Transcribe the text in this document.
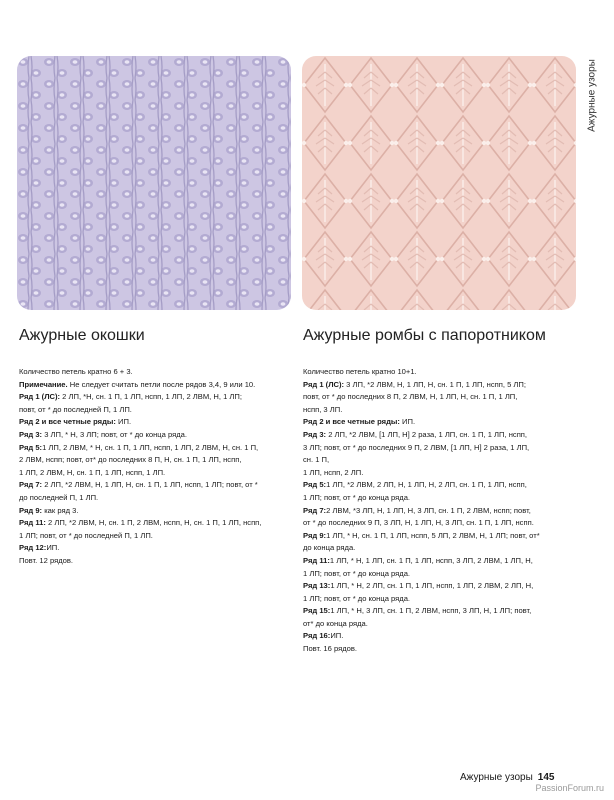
Ажурные узоры
Ажурные окошки

Количество петель кратно 6 + 3.

Примечание. Не следует считать петли после рядов 3,4, 9 или 10.

Ряд 1 (ЛС): 2 ЛП, *Н, сн. 1 П, 1 ЛП, нспп, 1 ЛП, 2 ЛВМ, Н, 1 ЛП;

повт, от * до последней П, 1 ЛП.

Ряд 2 и все четные ряды: ИП.

Ряд 3: 3 ЛП, * Н, 3 ЛП; повт, от * до конца ряда.

Ряд 5:1 ЛП, 2 ЛВМ, * Н, сн. 1 П, 1 ЛП, нспп, 1 ЛП, 2 ЛВМ, Н, сн. 1 П,

2 ЛВМ, нспп; повт, от* до последних 8 П, Н, сн. 1 П, 1 ЛП, нспп,

1 ЛП, 2 ЛВМ, Н, сн. 1 П, 1 ЛП, нспп, 1 ЛП.

Ряд 7: 2 ЛП, *2 ЛВМ, Н, 1 ЛП, Н, сн. 1 П, 1 ЛП, нспп, 1 ЛП; повт, от *

до последней П, 1 ЛП.

Ряд 9: как ряд 3.

Ряд 11: 2 ЛП, *2 ЛВМ, Н, сн. 1 П, 2 ЛВМ, нспп, Н, сн. 1 П, 1 ЛП, нспп,

1 ЛП; повт, от * до последней П, 1 ЛП.

Ряд 12:ИП.

Повт. 12 рядов.

Ажурные ромбы с папоротником

Количество петель кратно 10+1.

Ряд 1 (ЛС): 3 ЛП, *2 ЛВМ, Н, 1 ЛП, Н, сн. 1 П, 1 ЛП, нспп, 5 ЛП;

повт, от * до последних 8 П, 2 ЛВМ, Н, 1 ЛП, Н, сн. 1 П, 1 ЛП,

нспп, 3 ЛП.

Ряд 2 и все четные ряды: ИП.

Ряд 3: 2 ЛП, *2 ЛВМ, [1 ЛП, Н] 2 раза, 1 ЛП, сн. 1 П, 1 ЛП, нспп,

3 ЛП; повт, от * до последних 9 П, 2 ЛВМ, [1 ЛП, Н] 2 раза, 1 ЛП,

сн. 1 П,

1 ЛП, нспп, 2 ЛП.

Ряд 5:1 ЛП, *2 ЛВМ, 2 ЛП, Н, 1 ЛП, Н, 2 ЛП, сн. 1 П, 1 ЛП, нспп,

1 ЛП; повт, от * до конца ряда.

Ряд 7:2 ЛВМ, *3 ЛП, Н, 1 ЛП, Н, 3 ЛП, сн. 1 П, 2 ЛВМ, нспп; повт,

от * до последних 9 П, 3 ЛП, Н, 1 ЛП, Н, 3 ЛП, сн. 1 П, 1 ЛП, нспп.

Ряд 9:1 ЛП, * Н, сн. 1 П, 1 ЛП, нспп, 5 ЛП, 2 ЛВМ, Н, 1 ЛП; повт, от*

до конца ряда.

Ряд 11:1 ЛП, * Н, 1 ЛП, сн. 1 П, 1 ЛП, нспп, 3 ЛП, 2 ЛВМ, 1 ЛП, Н,

1 ЛП; повт, от * до конца ряда.

Ряд 13:1 ЛП, * Н, 2 ЛП, сн. 1 П, 1 ЛП, нспп, 1 ЛП, 2 ЛВМ, 2 ЛП, Н,

1 ЛП; повт, от * до конца ряда.

Ряд 15:1 ЛП, * Н, 3 ЛП, сн. 1 П, 2 ЛВМ, нспп, 3 ЛП, Н, 1 ЛП; повт,

от* до конца ряда.

Ряд 16:ИП.

Повт. 16 рядов.

Ажурные узоры 145
PassionForum.ru
